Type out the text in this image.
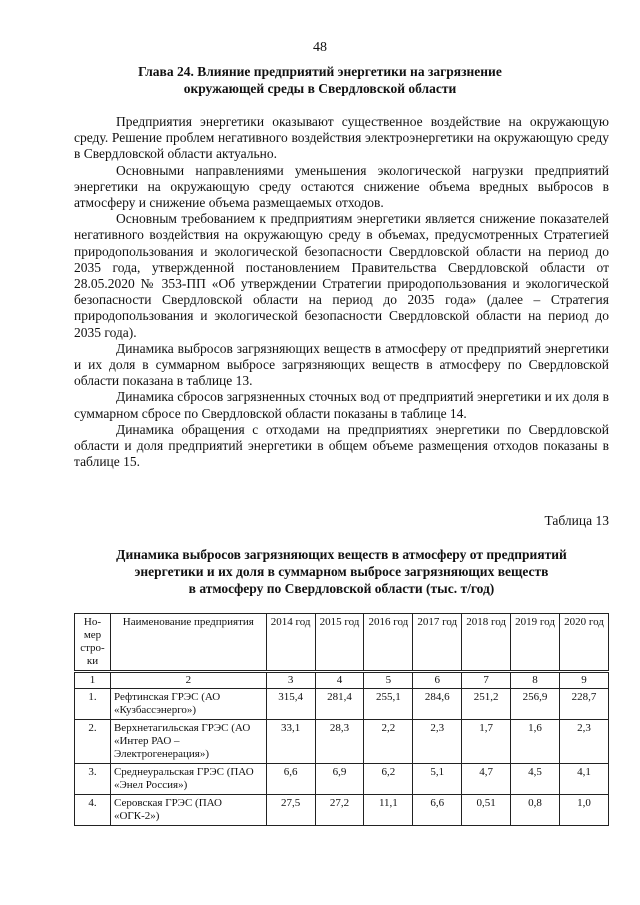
48
Глава 24. Влияние предприятий энергетики на загрязнение
окружающей среды в Свердловской области

Предприятия энергетики оказывают существенное воздействие на окружающую среду. Решение проблем негативного воздействия электроэнергетики на окружающую среду в Свердловской области актуально.

Основными направлениями уменьшения экологической нагрузки предприятий энергетики на окружающую среду остаются снижение объема вредных выбросов в атмосферу и снижение объема размещаемых отходов.

Основным требованием к предприятиям энергетики является снижение показателей негативного воздействия на окружающую среду в объемах, предусмотренных Стратегией природопользования и экологической безопасности Свердловской области на период до 2035 года, утвержденной постановлением Правительства Свердловской области от 28.05.2020 № 353-ПП «Об утверждении Стратегии природопользования и экологической безопасности Свердловской области на период до 2035 года» (далее – Стратегия природопользования и экологической безопасности Свердловской области на период до 2035 года).

Динамика выбросов загрязняющих веществ в атмосферу от предприятий энергетики и их доля в суммарном выбросе загрязняющих веществ в атмосферу по Свердловской области показана в таблице 13.

Динамика сбросов загрязненных сточных вод от предприятий энергетики и их доля в суммарном сбросе по Свердловской области показаны в таблице 14.

Динамика обращения с отходами на предприятиях энергетики по Свердловской области и доля предприятий энергетики в общем объеме размещения отходов показаны в таблице 15.

Таблица 13
Динамика выбросов загрязняющих веществ в атмосферу от предприятий
энергетики и их доля в суммарном выбросе загрязняющих веществ
в атмосферу по Свердловской области (тыс. т/год)
Но-мер стро-ки	Наименование предприятия	2014 год	2015 год	2016 год	2017 год	2018 год	2019 год	2020 год
1	2	3	4	5	6	7	8	9
1.	Рефтинская ГРЭС (АО «Кузбассэнерго»)	315,4	281,4	255,1	284,6	251,2	256,9	228,7
2.	Верхнетагильская ГРЭС (АО «Интер РАО – Электрогенерация»)	33,1	28,3	2,2	2,3	1,7	1,6	2,3
3.	Среднеуральская ГРЭС (ПАО «Энел Россия»)	6,6	6,9	6,2	5,1	4,7	4,5	4,1
4.	Серовская ГРЭС (ПАО «ОГК-2»)	27,5	27,2	11,1	6,6	0,51	0,8	1,0
